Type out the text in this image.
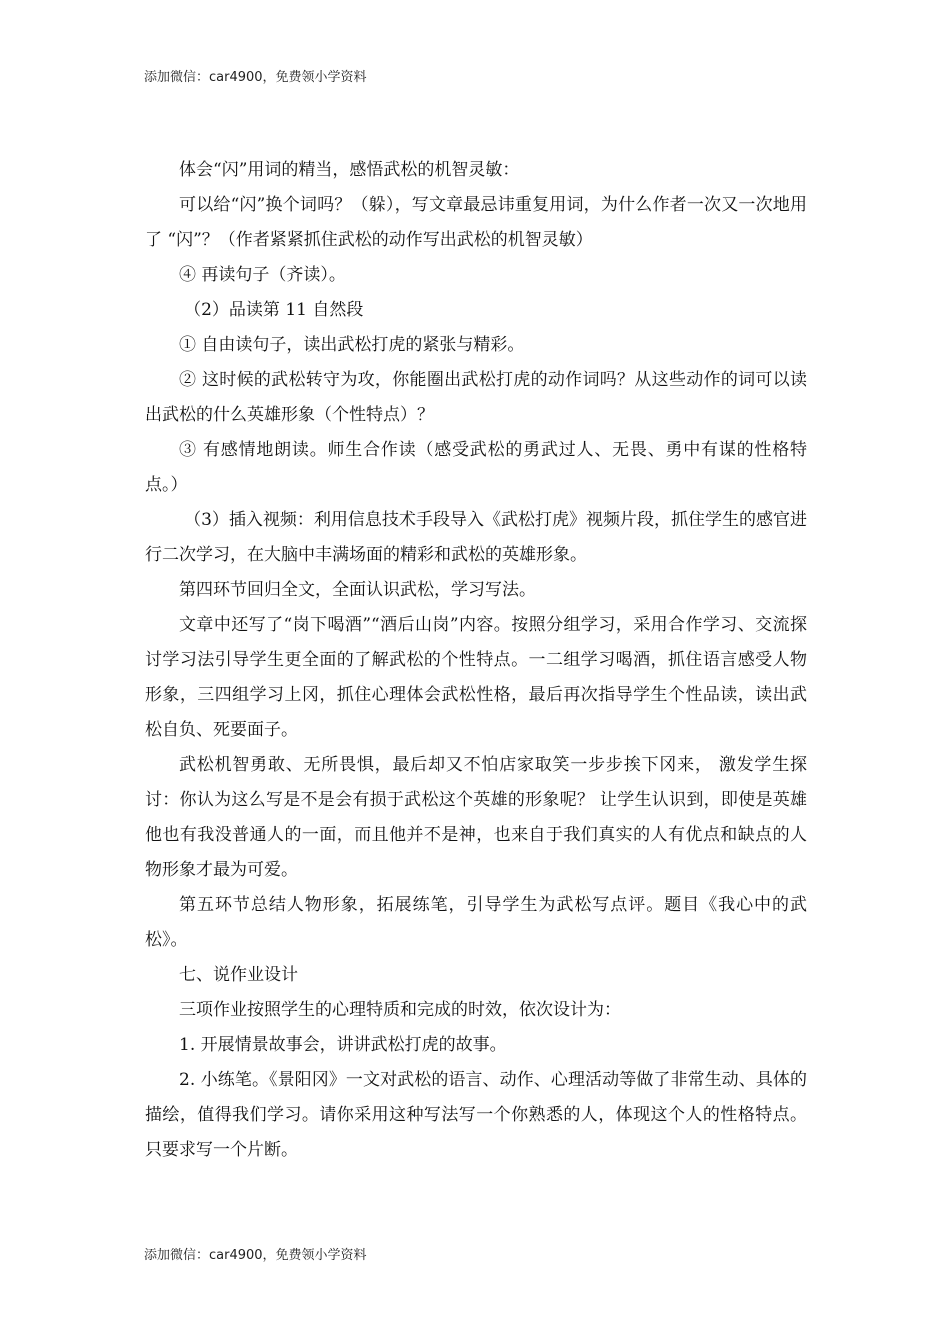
添加微信：car4900，免费领小学资料

体会“闪”用词的精当，感悟武松的机智灵敏：

可以给“闪”换个词吗？（躲），写文章最忌讳重复用词，为什么作者一次又一次地用了 “闪”？（作者紧紧抓住武松的动作写出武松的机智灵敏）

④ 再读句子（齐读）。

（2）品读第 11 自然段

① 自由读句子，读出武松打虎的紧张与精彩。

② 这时候的武松转守为攻，你能圈出武松打虎的动作词吗？从这些动作的词可以读出武松的什么英雄形象（个性特点）？

③ 有感情地朗读。师生合作读（感受武松的勇武过人、无畏、勇中有谋的性格特点。）

（3）插入视频：利用信息技术手段导入《武松打虎》视频片段，抓住学生的感官进行二次学习，在大脑中丰满场面的精彩和武松的英雄形象。

第四环节回归全文，全面认识武松，学习写法。

文章中还写了“岗下喝酒”“酒后山岗”内容。按照分组学习，采用合作学习、交流探讨学习法引导学生更全面的了解武松的个性特点。一二组学习喝酒，抓住语言感受人物形象，三四组学习上冈，抓住心理体会武松性格，最后再次指导学生个性品读，读出武松自负、死要面子。

武松机智勇敢、无所畏惧，最后却又不怕店家取笑一步步挨下冈来， 激发学生探讨：你认为这么写是不是会有损于武松这个英雄的形象呢？ 让学生认识到，即使是英雄他也有我没普通人的一面，而且他并不是神，也来自于我们真实的人有优点和缺点的人物形象才最为可爱。

第五环节总结人物形象，拓展练笔，引导学生为武松写点评。题目《我心中的武松》。

七、说作业设计

三项作业按照学生的心理特质和完成的时效，依次设计为：

1. 开展情景故事会，讲讲武松打虎的故事。

2. 小练笔。《景阳冈》一文对武松的语言、动作、心理活动等做了非常生动、具体的描绘，值得我们学习。请你采用这种写法写一个你熟悉的人，体现这个人的性格特点。只要求写一个片断。

添加微信：car4900，免费领小学资料
